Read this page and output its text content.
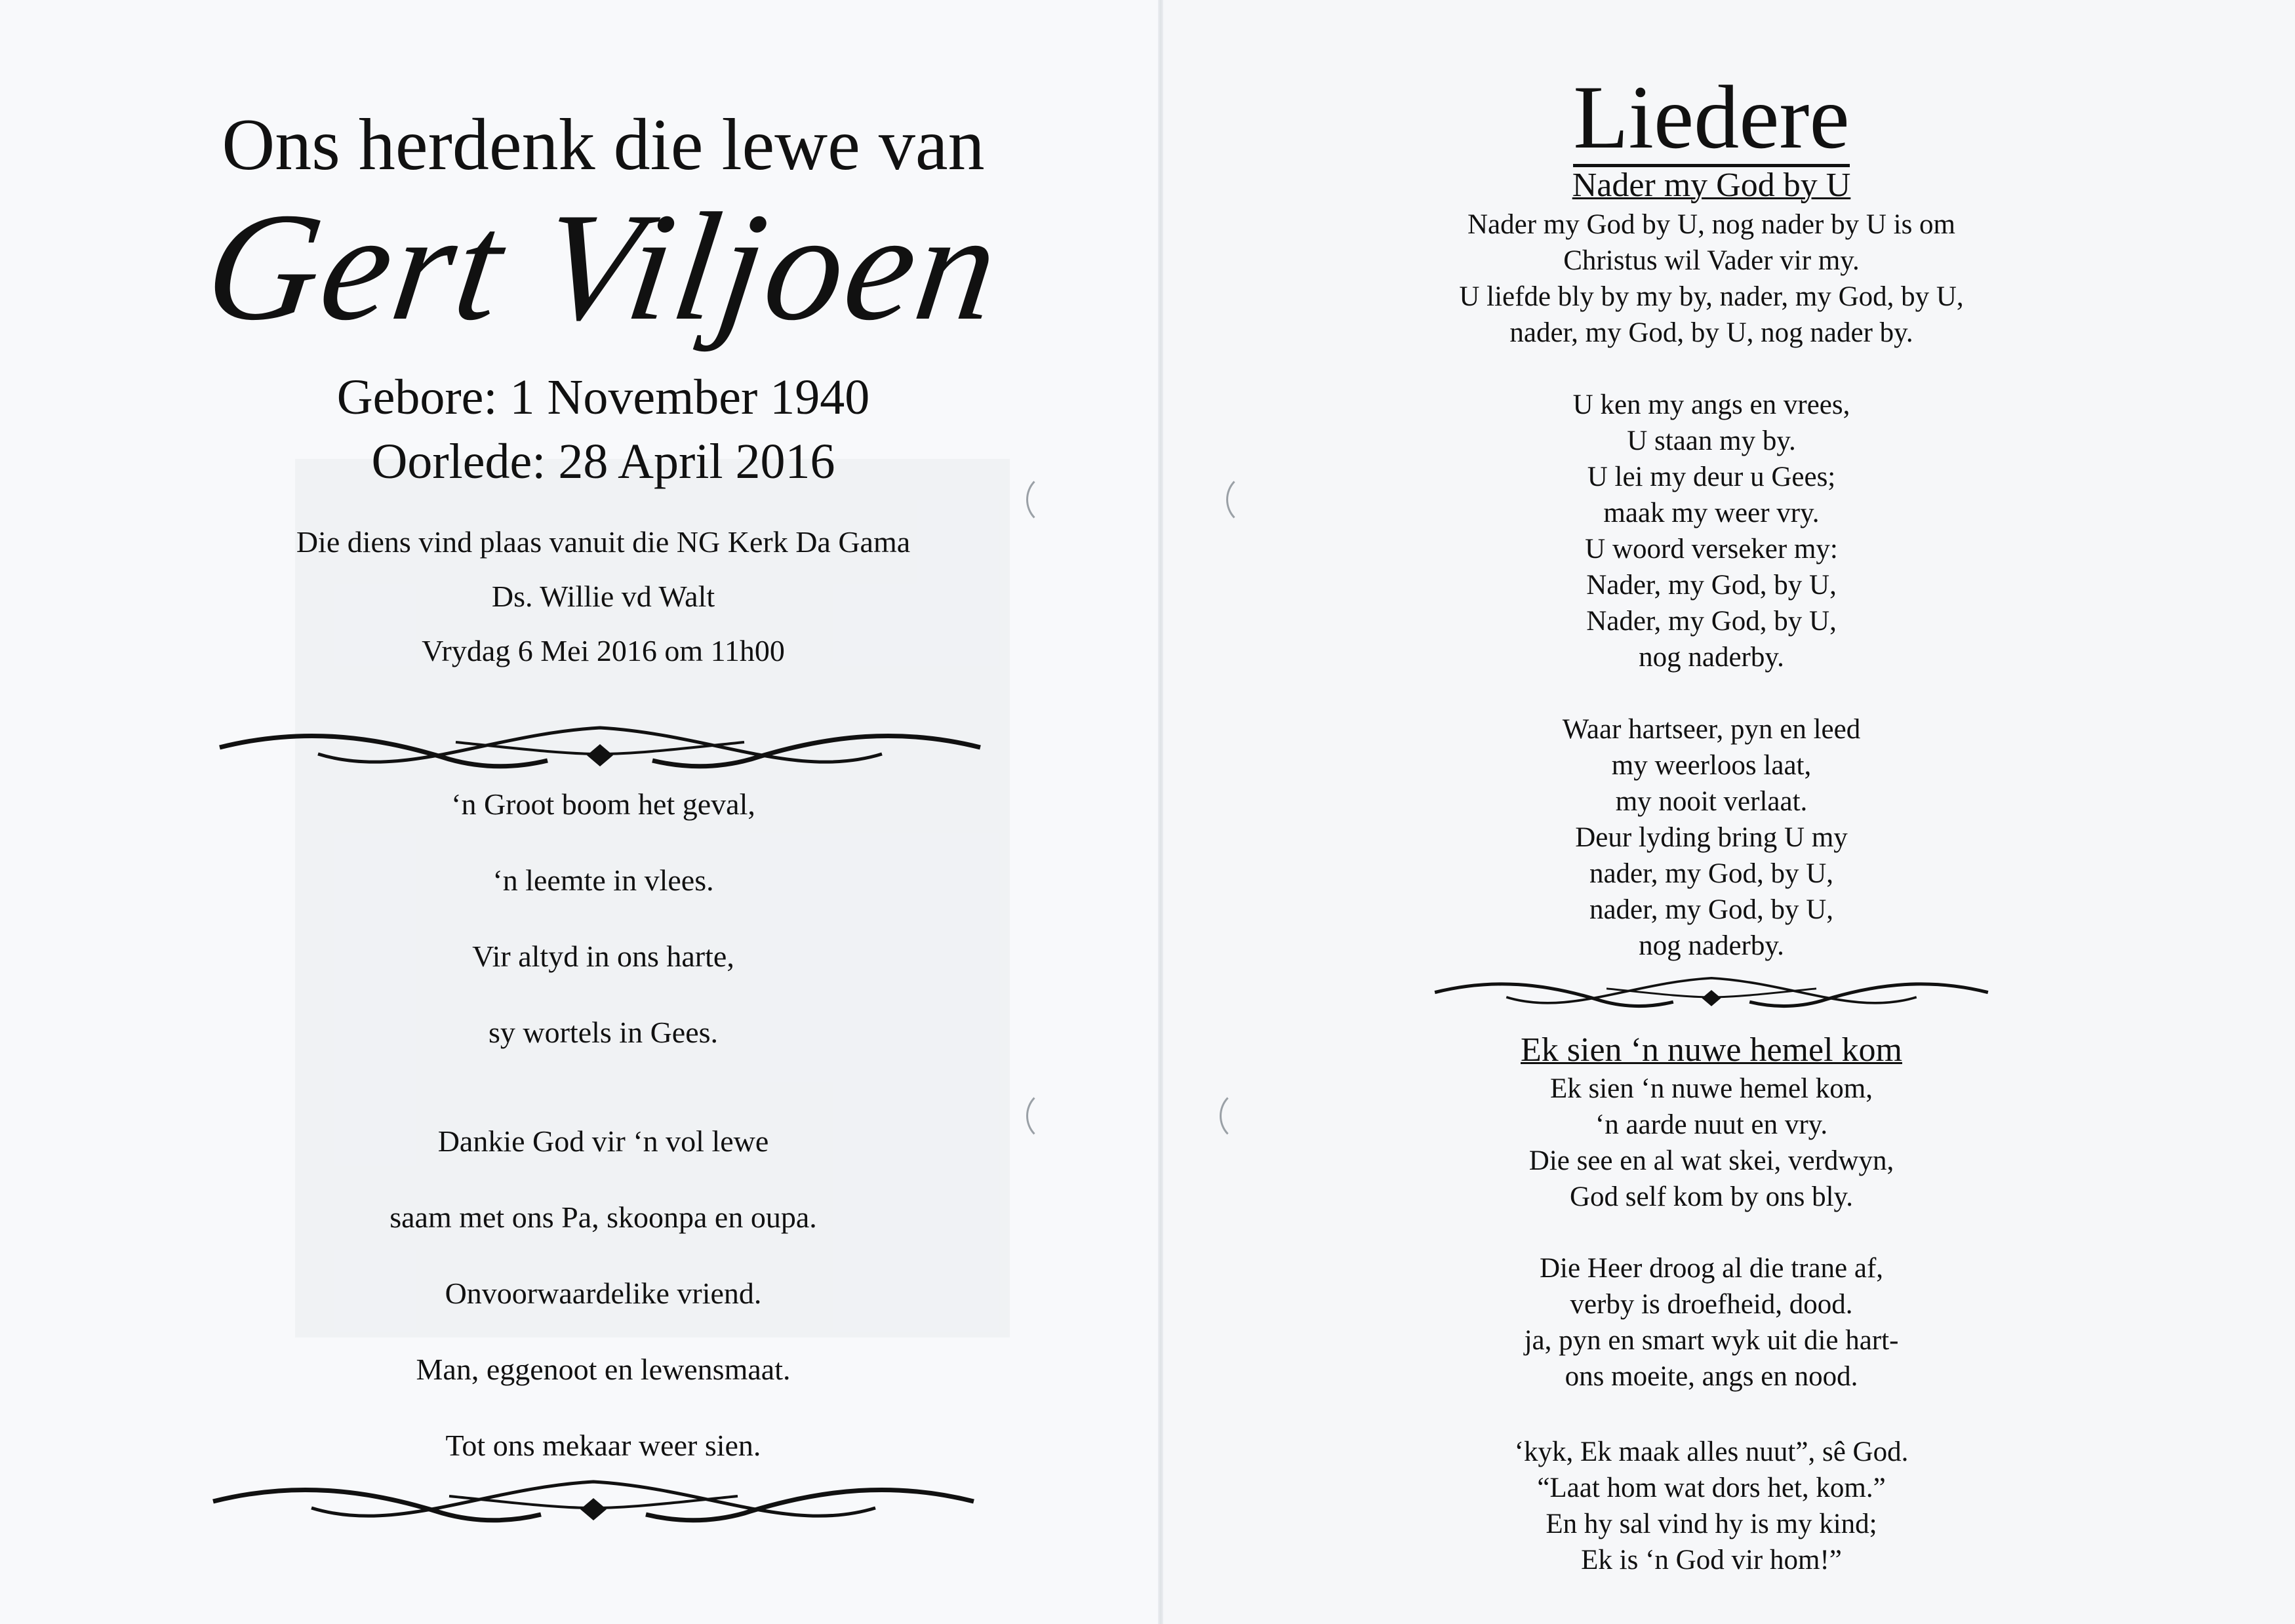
Ons herdenk die lewe van
Gert Viljoen
Gebore: 1 November 1940
Oorlede: 28 April 2016
Die diens vind plaas vanuit die NG Kerk Da Gama
Ds. Willie vd Walt
Vrydag 6 Mei 2016 om 11h00
‘n Groot boom het geval,
‘n leemte in vlees.
Vir altyd in ons harte,
sy wortels in Gees.
Dankie God vir ‘n vol lewe
saam met ons Pa, skoonpa en oupa.
Onvoorwaardelike vriend.
Man, eggenoot en lewensmaat.
Tot ons mekaar weer sien.
Liedere
Nader my God by U
Nader my God by U, nog nader by U is om
Christus wil Vader vir my.
U liefde bly by my by, nader, my God, by U,
nader, my God, by U, nog nader by.
U ken my angs en vrees,
U staan my by.
U lei my deur u Gees;
maak my weer vry.
U woord verseker my:
Nader, my God, by U,
Nader, my God, by U,
nog naderby.
Waar hartseer, pyn en leed
my weerloos laat,
my nooit verlaat.
Deur lyding bring U my
nader, my God, by U,
nader, my God, by U,
nog naderby.
Ek sien ‘n nuwe hemel kom
Ek sien ‘n nuwe hemel kom,
‘n aarde nuut en vry.
Die see en al wat skei, verdwyn,
God self kom by ons bly.
Die Heer droog al die trane af,
verby is droefheid, dood.
ja, pyn en smart wyk uit die hart-
ons moeite, angs en nood.
‘kyk, Ek maak alles nuut”, sê God.
“Laat hom wat dors het, kom.”
En hy sal vind hy is my kind;
Ek is ‘n God vir hom!”
